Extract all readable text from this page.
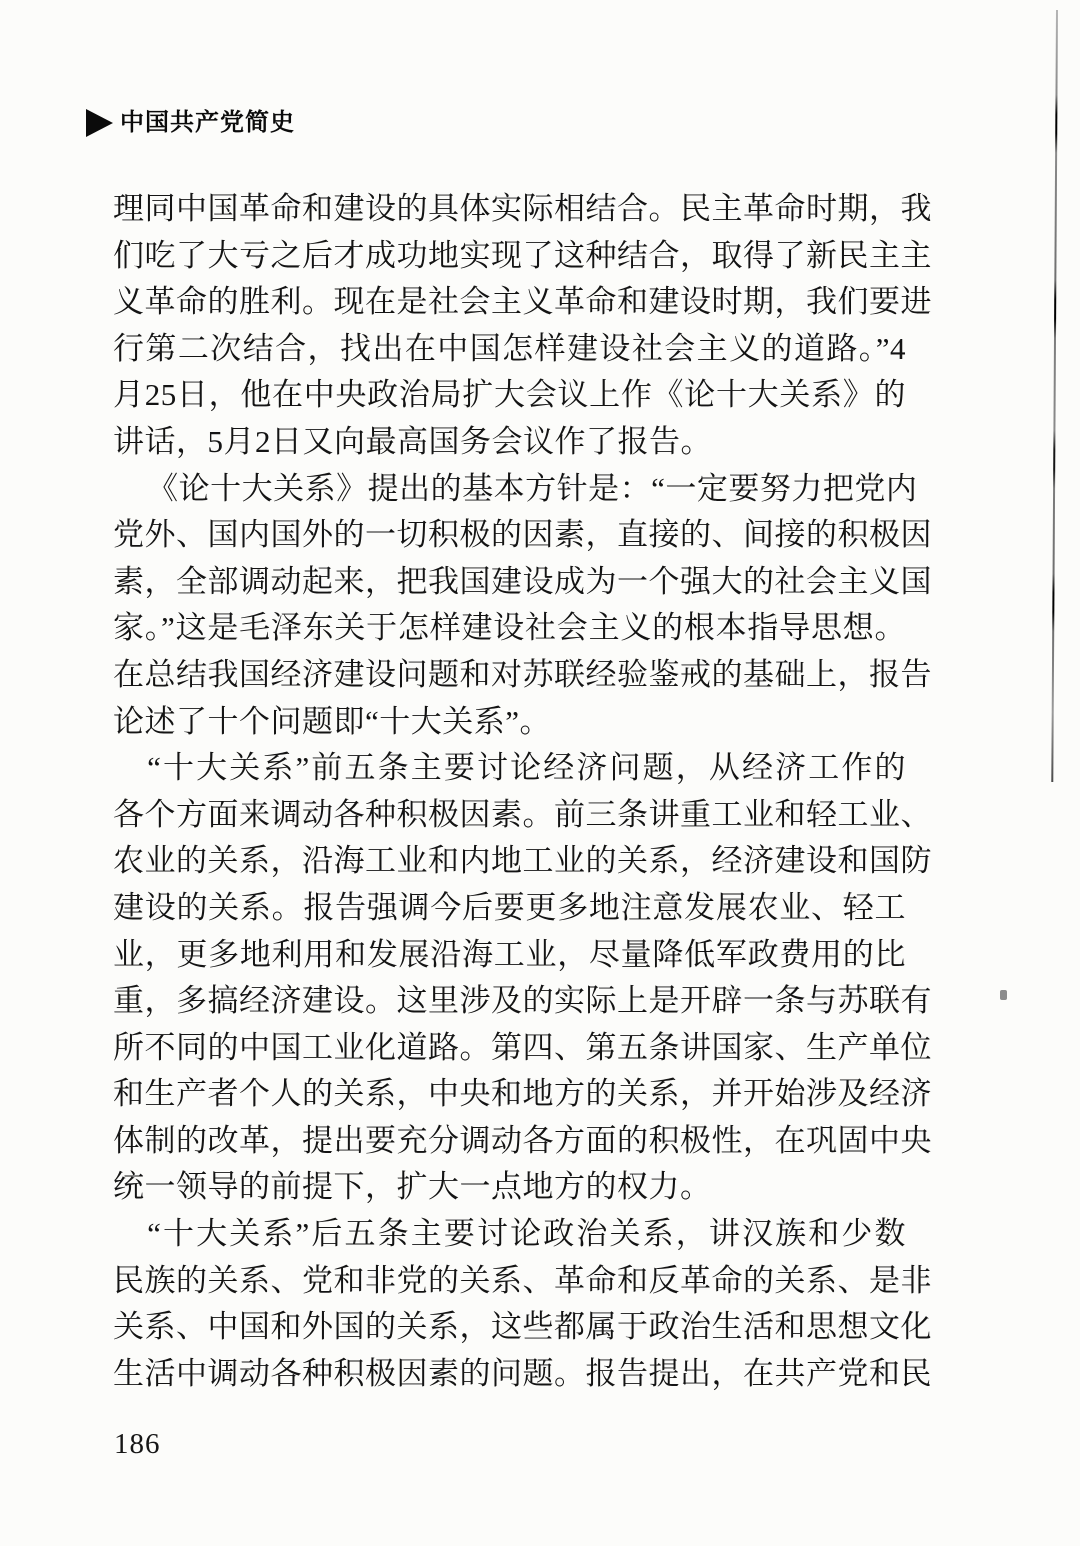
中国共产党简史
理同中国革命和建设的具体实际相结合。民主革命时期，我
们吃了大亏之后才成功地实现了这种结合，取得了新民主主
义革命的胜利。现在是社会主义革命和建设时期，我们要进
行第二次结合，找出在中国怎样建设社会主义的道路。”4
月25日，他在中央政治局扩大会议上作《论十大关系》的
讲话，5月2日又向最高国务会议作了报告。
《论十大关系》提出的基本方针是：“一定要努力把党内
党外、国内国外的一切积极的因素，直接的、间接的积极因
素，全部调动起来，把我国建设成为一个强大的社会主义国
家。”这是毛泽东关于怎样建设社会主义的根本指导思想。
在总结我国经济建设问题和对苏联经验鉴戒的基础上，报告
论述了十个问题即“十大关系”。
“十大关系”前五条主要讨论经济问题，从经济工作的
各个方面来调动各种积极因素。前三条讲重工业和轻工业、
农业的关系，沿海工业和内地工业的关系，经济建设和国防
建设的关系。报告强调今后要更多地注意发展农业、轻工
业，更多地利用和发展沿海工业，尽量降低军政费用的比
重，多搞经济建设。这里涉及的实际上是开辟一条与苏联有
所不同的中国工业化道路。第四、第五条讲国家、生产单位
和生产者个人的关系，中央和地方的关系，并开始涉及经济
体制的改革，提出要充分调动各方面的积极性，在巩固中央
统一领导的前提下，扩大一点地方的权力。
“十大关系”后五条主要讨论政治关系，讲汉族和少数
民族的关系、党和非党的关系、革命和反革命的关系、是非
关系、中国和外国的关系，这些都属于政治生活和思想文化
生活中调动各种积极因素的问题。报告提出，在共产党和民
186
